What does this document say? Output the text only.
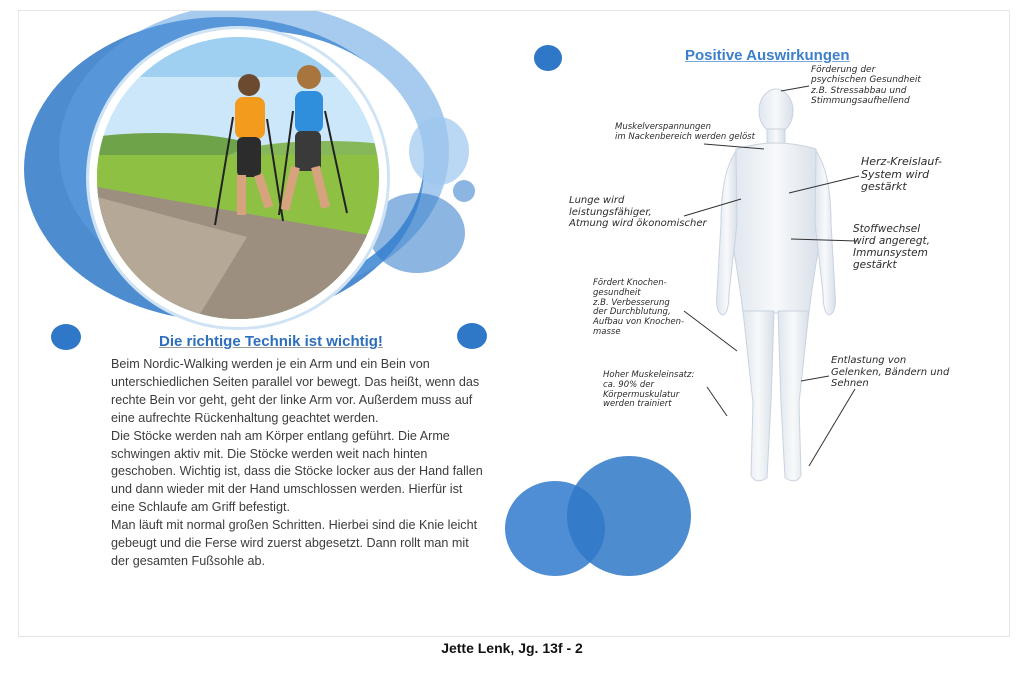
Die richtige Technik ist wichtig!

Beim Nordic-Walking werden je ein Arm und ein Bein von unterschiedlichen Seiten parallel vor bewegt. Das heißt, wenn das rechte Bein vor geht, geht der linke Arm vor. Außerdem muss auf eine aufrechte Rückenhaltung geachtet werden.

Die Stöcke werden nah am Körper entlang geführt. Die Arme schwingen aktiv mit. Die Stöcke werden weit nach hinten geschoben. Wichtig ist, dass die Stöcke locker aus der Hand fallen und dann wieder mit der Hand umschlossen werden. Hierfür ist eine Schlaufe am Griff befestigt.

Man läuft mit normal großen Schritten. Hierbei sind die Knie leicht gebeugt und die Ferse wird zuerst abgesetzt. Dann rollt man mit der gesamten Fußsohle ab.

Positive Auswirkungen
Förderung der
psychischen Gesundheit
z.B. Stressabbau und
Stimmungsaufhellend
Muskelverspannungen
im Nackenbereich werden gelöst
Lunge wird
leistungsfähiger,
Atmung wird ökonomischer
Herz-Kreislauf-
System wird
gestärkt
Stoffwechsel
wird angeregt,
Immunsystem
gestärkt
Fördert Knochen-
gesundheit
z.B. Verbesserung
der Durchblutung,
Aufbau von Knochen-
masse
Hoher Muskeleinsatz:
ca. 90% der
Körpermuskulatur
werden trainiert
Entlastung von
Gelenken, Bändern und
Sehnen
Jette Lenk, Jg. 13f - 2
